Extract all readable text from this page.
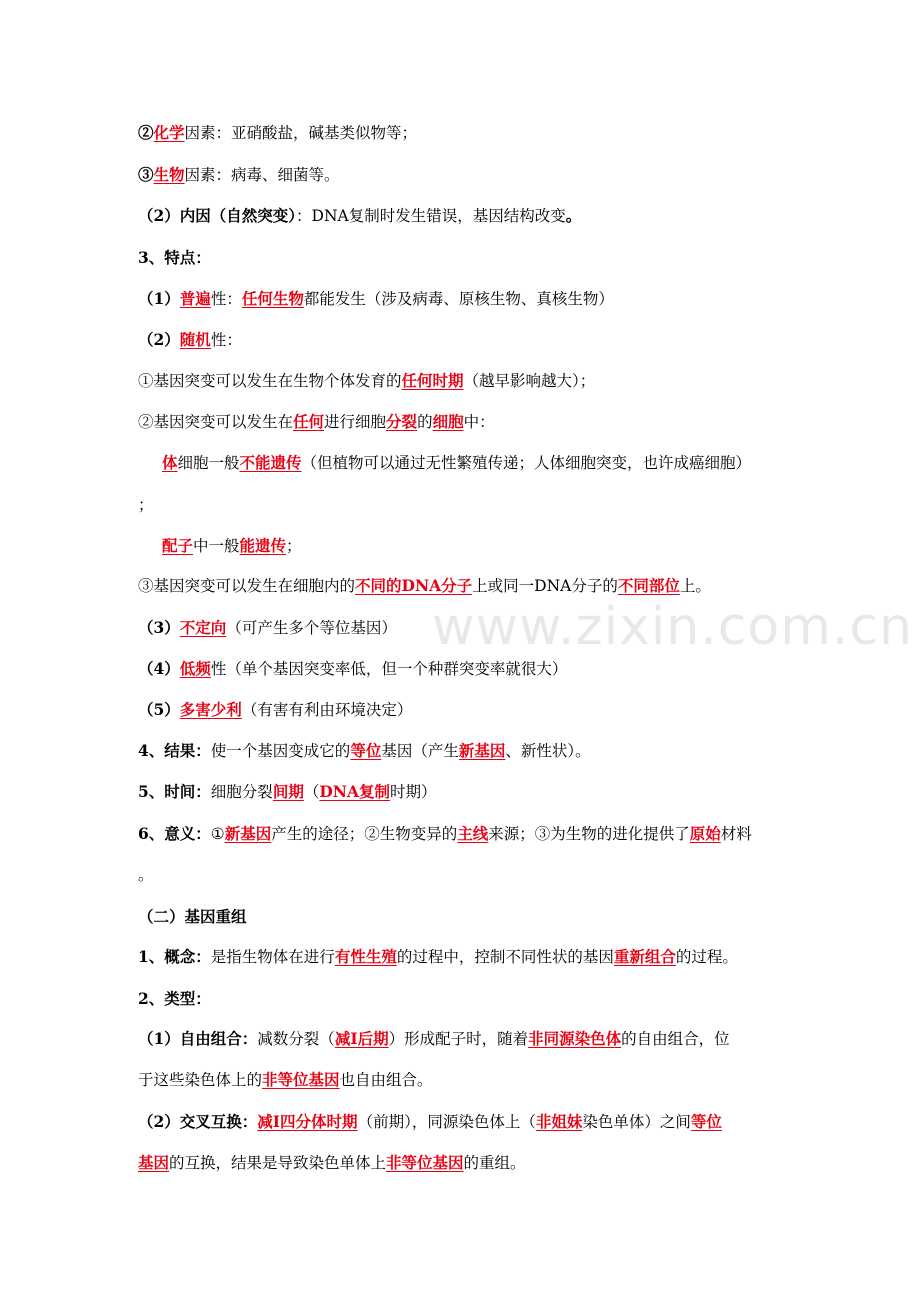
www.zixin.com.cn
②化学因素：亚硝酸盐，碱基类似物等；
③生物因素：病毒、细菌等。
（2）内因（自然突变）：DNA复制时发生错误，基因结构改变。
3、特点：
（1）普遍性：任何生物都能发生（涉及病毒、原核生物、真核生物）
（2）随机性：
①基因突变可以发生在生物个体发育的任何时期（越早影响越大）；
②基因突变可以发生在任何进行细胞分裂的细胞中：
体细胞一般不能遗传（但植物可以通过无性繁殖传递；人体细胞突变，也许成癌细胞）
；
配子中一般能遗传；
③基因突变可以发生在细胞内的不同的DNA分子上或同一DNA分子的不同部位上。
（3）不定向（可产生多个等位基因）
（4）低频性（单个基因突变率低，但一个种群突变率就很大）
（5）多害少利（有害有利由环境决定）
4、结果：使一个基因变成它的等位基因（产生新基因、新性状）。
5、时间：细胞分裂间期（DNA复制时期）
6、意义：①新基因产生的途径；②生物变异的主线来源；③为生物的进化提供了原始材料
。
（二）基因重组
1、概念：是指生物体在进行有性生殖的过程中，控制不同性状的基因重新组合的过程。
2、类型：
（1）自由组合：减数分裂（减Ⅰ后期）形成配子时，随着非同源染色体的自由组合，位
于这些染色体上的非等位基因也自由组合。
（2）交叉互换：减Ⅰ四分体时期（前期），同源染色体上（非姐妹染色单体）之间等位
基因的互换，结果是导致染色单体上非等位基因的重组。
